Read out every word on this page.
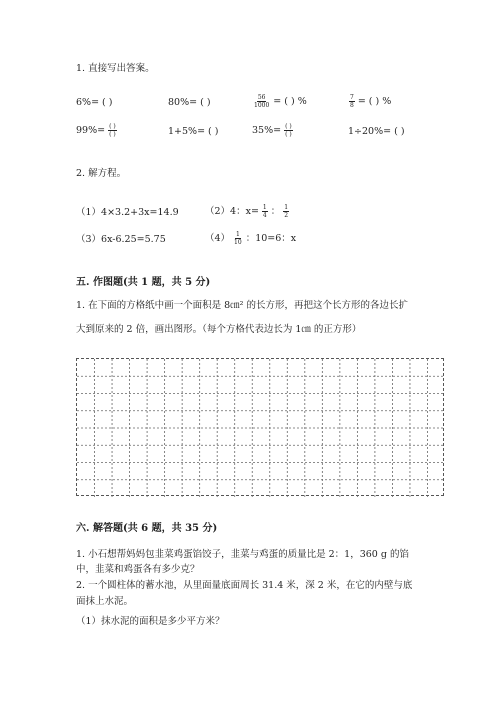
1. 直接写出答案。
6%= ( )	80%= ( )	$\frac{56}{1000}$ = ( ) %	$\frac{7}{8}$ = ( ) %
$99\%= \frac{( )}{( )}$	1+5%= ( )	$35\%= \frac{( )}{( )}$	1÷20%= ( )
2. 解方程。
（1）4×3.2+3x=14.9	（2）4：$x= \frac{1}{4}$ ： $\frac{1}{2}$
（3）6x-6.25=5.75	$(4) \frac{1}{10}$ ：10=6：x
五. 作图题(共 1 题，共 5 分)
1. 在下面的方格纸中画一个面积是 8㎝² 的长方形，再把这个长方形的各边长扩
大到原来的 2 倍，画出图形。（每个方格代表边长为 1㎝ 的正方形）
六. 解答题(共 6 题，共 35 分)
1. 小石想帮妈妈包韭菜鸡蛋馅饺子，韭菜与鸡蛋的质量比是 2：1，360 g 的馅
中，韭菜和鸡蛋各有多少克？
2. 一个圆柱体的蓄水池，从里面量底面周长 31.4 米，深 2 米，在它的内壁与底
面抹上水泥。
（1）抹水泥的面积是多少平方米？
